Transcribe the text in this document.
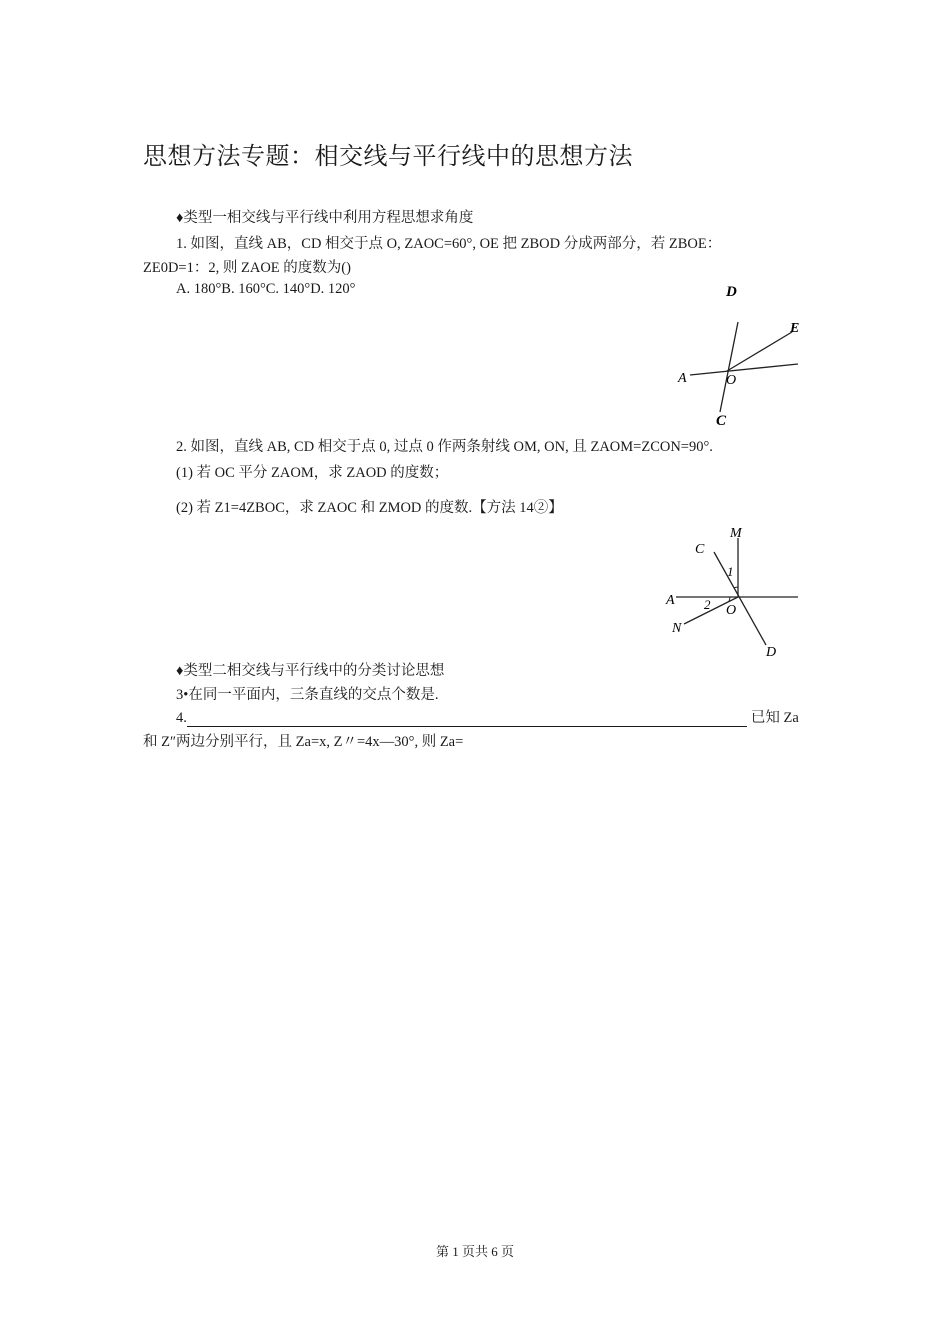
思想方法专题：相交线与平行线中的思想方法
♦类型一相交线与平行线中利用方程思想求角度
1. 如图，直线 AB，CD 相交于点 O, ZAOC=60°, OE 把 ZBOD 分成两部分，若 ZBOE：
ZE0D=1：2, 则 ZAOE 的度数为()
A. 180°B. 160°C. 140°D. 120°	D
E
A	O
C
2. 如图，直线 AB, CD 相交于点 0, 过点 0 作两条射线 OM, ON, 且 ZAOM=ZCON=90°.
(1) 若 OC 平分 ZAOM，求 ZAOD 的度数；
(2) 若 Z1=4ZBOC，求 ZAOC 和 ZMOD 的度数.【方法 14②】
M
C
1
A 2 O
N
D
♦类型二相交线与平行线中的分类讨论思想
3•在同一平面内，三条直线的交点个数是.
4.	已知 Za
和 Z″两边分别平行，且 Za=x, Z〃=4x—30°, 则 Za=
第 1 页共 6 页
